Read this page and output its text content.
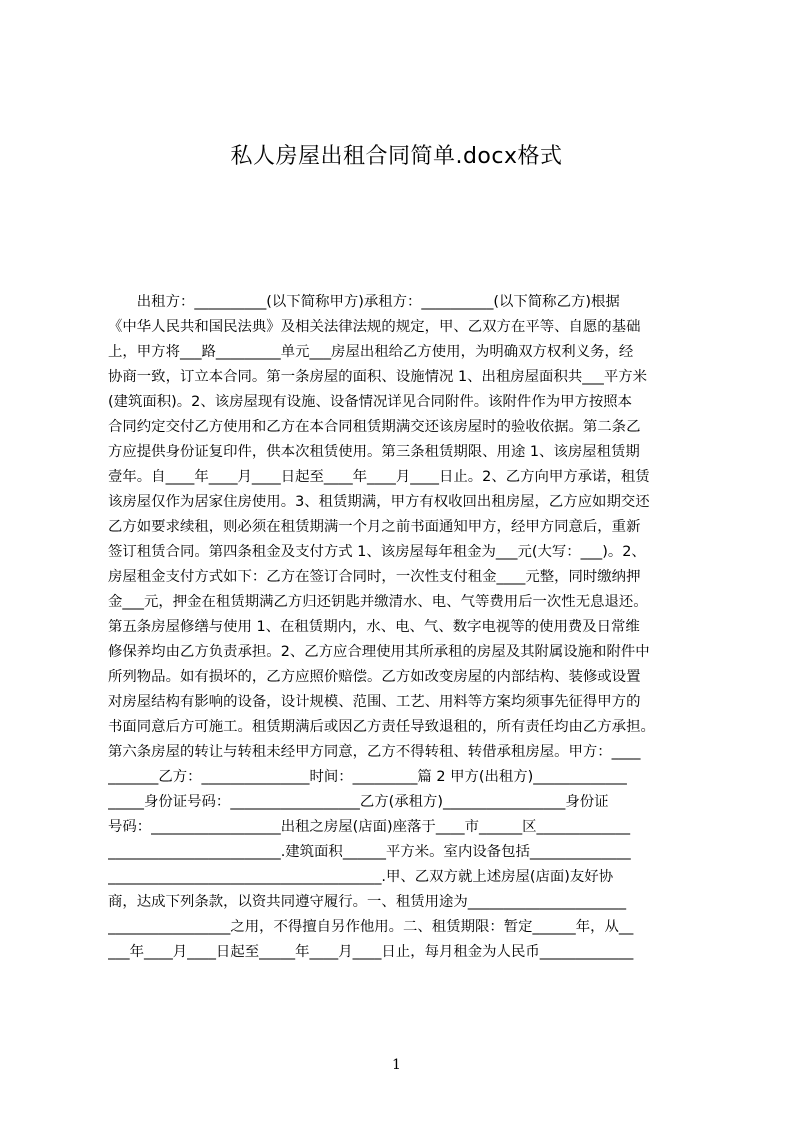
私人房屋出租合同简单.docx格式
　　出租方：__________(以下简称甲方)承租方：__________(以下简称乙方)根据
《中华人民共和国民法典》及相关法律法规的规定，甲、乙双方在平等、自愿的基础
上，甲方将___路_________单元___房屋出租给乙方使用，为明确双方权利义务，经
协商一致，订立本合同。第一条房屋的面积、设施情况 1、出租房屋面积共___平方米
(建筑面积)。2、该房屋现有设施、设备情况详见合同附件。该附件作为甲方按照本
合同约定交付乙方使用和乙方在本合同租赁期满交还该房屋时的验收依据。第二条乙
方应提供身份证复印件，供本次租赁使用。第三条租赁期限、用途 1、该房屋租赁期
壹年。自____年____月____日起至____年____月____日止。2、乙方向甲方承诺，租赁
该房屋仅作为居家住房使用。3、租赁期满，甲方有权收回出租房屋，乙方应如期交还
乙方如要求续租，则必须在租赁期满一个月之前书面通知甲方，经甲方同意后，重新
签订租赁合同。第四条租金及支付方式 1、该房屋每年租金为___元(大写：___)。2、
房屋租金支付方式如下：乙方在签订合同时，一次性支付租金____元整，同时缴纳押
金___元，押金在租赁期满乙方归还钥匙并缴清水、电、气等费用后一次性无息退还。
第五条房屋修缮与使用 1、在租赁期内，水、电、气、数字电视等的使用费及日常维
修保养均由乙方负责承担。2、乙方应合理使用其所承租的房屋及其附属设施和附件中
所列物品。如有损坏的，乙方应照价赔偿。乙方如改变房屋的内部结构、装修或设置
对房屋结构有影响的设备，设计规模、范围、工艺、用料等方案均须事先征得甲方的
书面同意后方可施工。租赁期满后或因乙方责任导致退租的，所有责任均由乙方承担。
第六条房屋的转让与转租未经甲方同意，乙方不得转租、转借承租房屋。甲方：____
_______乙方：_______________时间：_________篇 2 甲方(出租方)_____________
_____身份证号码：__________________乙方(承租方)_________________身份证
号码：__________________出租之房屋(店面)座落于____市______区_____________
________________________.建筑面积______平方米。室内设备包括______________
______________________________________.甲、乙双方就上述房屋(店面)友好协
商，达成下列条款，以资共同遵守履行。一、租赁用途为______________________
_________________之用，不得擅自另作他用。二、租赁期限：暂定______年，从__
___年____月____日起至_____年____月____日止，每月租金为人民币_____________
1
